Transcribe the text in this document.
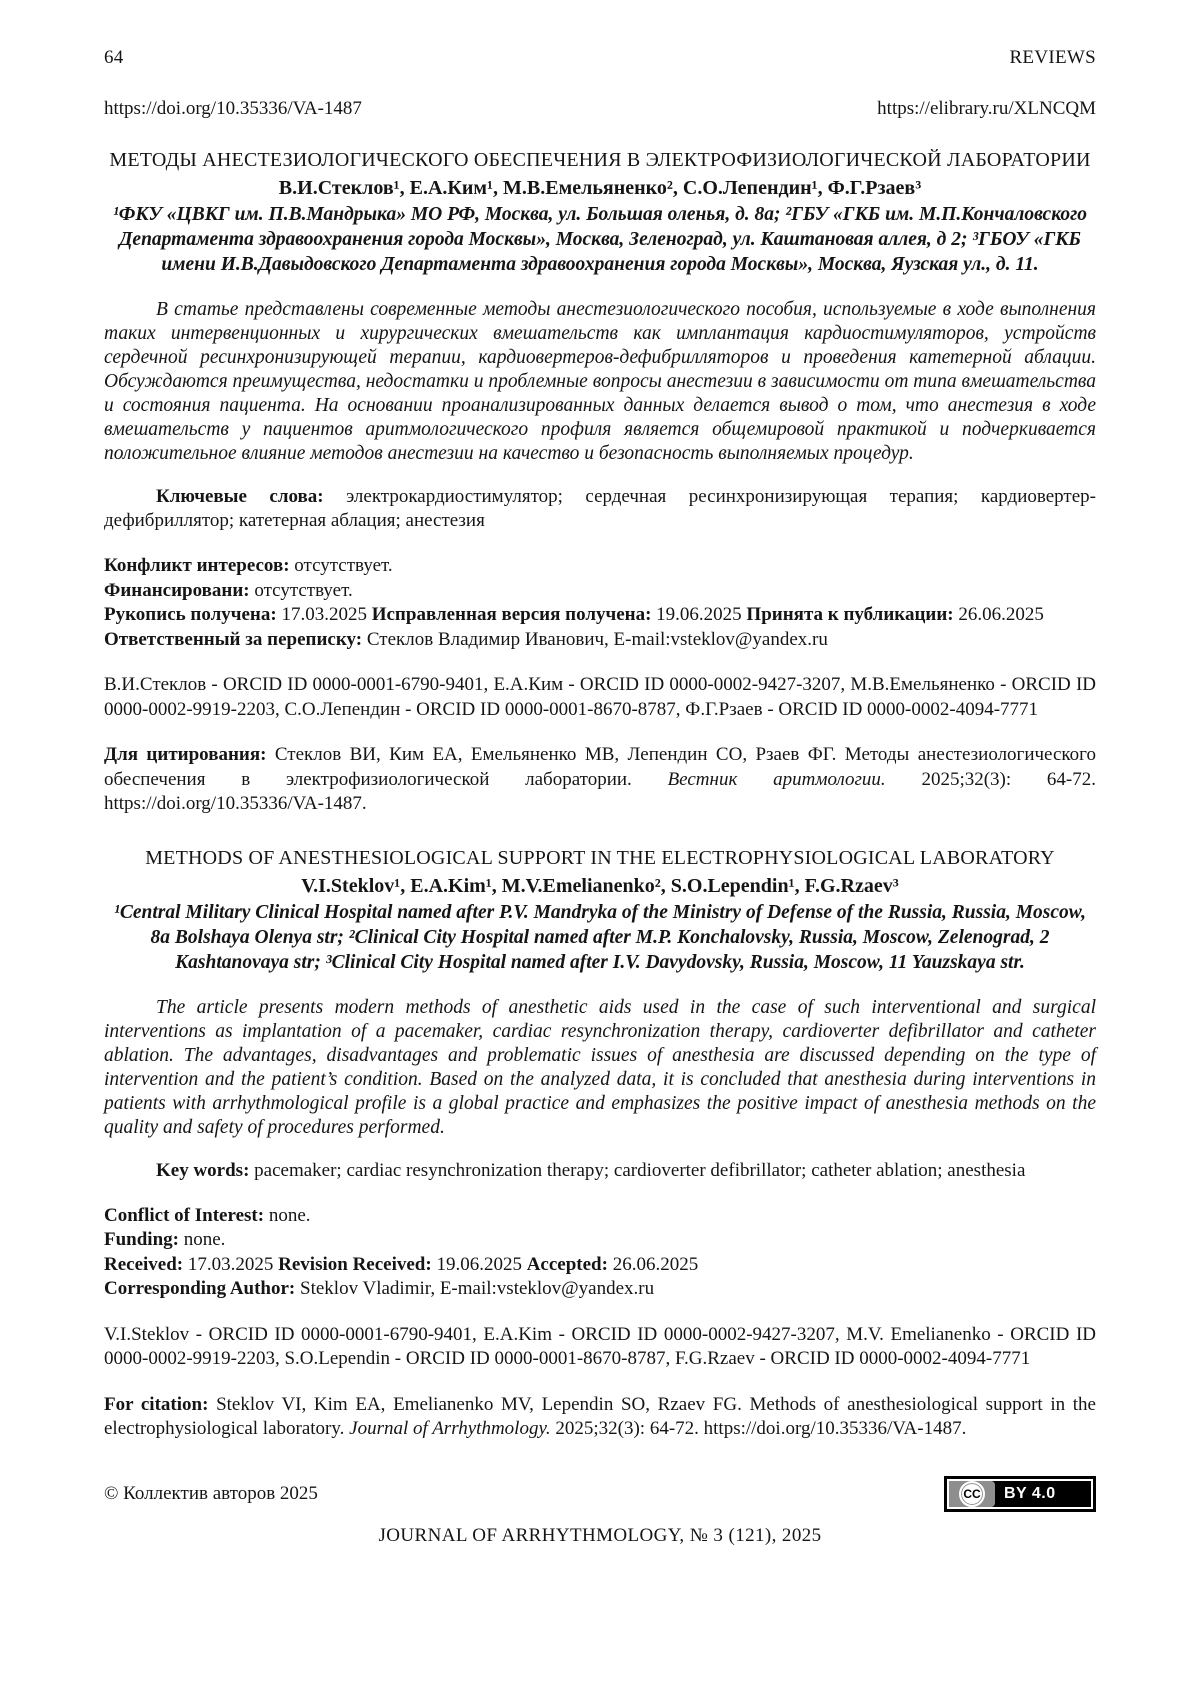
64	REVIEWS
https://doi.org/10.35336/VA-1487	https://elibrary.ru/XLNCQM
МЕТОДЫ АНЕСТЕЗИОЛОГИЧЕСКОГО ОБЕСПЕЧЕНИЯ В ЭЛЕКТРОФИЗИОЛОГИЧЕСКОЙ ЛАБОРАТОРИИ
В.И.Стеклов¹, Е.А.Ким¹, М.В.Емельяненко², С.О.Лепендин¹, Ф.Г.Рзаев³
¹ФКУ «ЦВКГ им. П.В.Мандрыка» МО РФ, Москва, ул. Большая оленья, д. 8а; ²ГБУ «ГКБ им. М.П.Кончаловского Департамента здравоохранения города Москвы», Москва, Зеленоград, ул. Каштановая аллея, д 2; ³ГБОУ «ГКБ имени И.В.Давыдовского Департамента здравоохранения города Москвы», Москва, Яузская ул., д. 11.

В статье представлены современные методы анестезиологического пособия, используемые в ходе выполнения таких интервенционных и хирургических вмешательств как имплантация кардиостимуляторов, устройств сердечной ресинхронизирующей терапии, кардиовертеров-дефибрилляторов и проведения катетерной аблации. Обсуждаются преимущества, недостатки и проблемные вопросы анестезии в зависимости от типа вмешательства и состояния пациента. На основании проанализированных данных делается вывод о том, что анестезия в ходе вмешательств у пациентов аритмологического профиля является общемировой практикой и подчеркивается положительное влияние методов анестезии на качество и безопасность выполняемых процедур.

Ключевые слова: электрокардиостимулятор; сердечная ресинхронизирующая терапия; кардиовертер-дефибриллятор; катетерная аблация; анестезия

Конфликт интересов: отсутствует.

Финансировани: отсутствует.

Рукопись получена: 17.03.2025 Исправленная версия получена: 19.06.2025 Принята к публикации: 26.06.2025

Ответственный за переписку: Стеклов Владимир Иванович, E-mail:vsteklov@yandex.ru

В.И.Стеклов - ORCID ID 0000-0001-6790-9401, Е.А.Ким - ORCID ID 0000-0002-9427-3207, М.В.Емельяненко - ORCID ID 0000-0002-9919-2203, С.О.Лепендин - ORCID ID 0000-0001-8670-8787, Ф.Г.Рзаев - ORCID ID 0000-0002-4094-7771

Для цитирования: Стеклов ВИ, Ким ЕА, Емельяненко МВ, Лепендин СО, Рзаев ФГ. Методы анестезиологического обеспечения в электрофизиологической лаборатории. Вестник аритмологии. 2025;32(3): 64-72. https://doi.org/10.35336/VA-1487.

METHODS OF ANESTHESIOLOGICAL SUPPORT IN THE ELECTROPHYSIOLOGICAL LABORATORY
V.I.Steklov¹, E.A.Kim¹, M.V.Emelianenko², S.O.Lependin¹, F.G.Rzaev³
¹Central Military Clinical Hospital named after P.V. Mandryka of the Ministry of Defense of the Russia, Russia, Moscow, 8a Bolshaya Olenya str; ²Clinical City Hospital named after M.P. Konchalovsky, Russia, Moscow, Zelenograd, 2 Kashtanovaya str; ³Clinical City Hospital named after I.V. Davydovsky, Russia, Moscow, 11 Yauzskaya str.

The article presents modern methods of anesthetic aids used in the case of such interventional and surgical interventions as implantation of a pacemaker, cardiac resynchronization therapy, cardioverter defibrillator and catheter ablation. The advantages, disadvantages and problematic issues of anesthesia are discussed depending on the type of intervention and the patient’s condition. Based on the analyzed data, it is concluded that anesthesia during interventions in patients with arrhythmological profile is a global practice and emphasizes the positive impact of anesthesia methods on the quality and safety of procedures performed.

Key words: pacemaker; cardiac resynchronization therapy; cardioverter defibrillator; catheter ablation; anesthesia

Conflict of Interest: none.

Funding: none.

Received: 17.03.2025 Revision Received: 19.06.2025 Accepted: 26.06.2025

Corresponding Author: Steklov Vladimir, E-mail:vsteklov@yandex.ru

V.I.Steklov - ORCID ID 0000-0001-6790-9401, E.A.Kim - ORCID ID 0000-0002-9427-3207, M.V. Emelianenko - ORCID ID 0000-0002-9919-2203, S.O.Lependin - ORCID ID 0000-0001-8670-8787, F.G.Rzaev - ORCID ID 0000-0002-4094-7771

For citation: Steklov VI, Kim EA, Emelianenko MV, Lependin SO, Rzaev FG. Methods of anesthesiological support in the electrophysiological laboratory. Journal of Arrhythmology. 2025;32(3): 64-72. https://doi.org/10.35336/VA-1487.

© Коллектив авторов 2025	CC BY 4.0
JOURNAL OF ARRHYTHMOLOGY, № 3 (121), 2025
